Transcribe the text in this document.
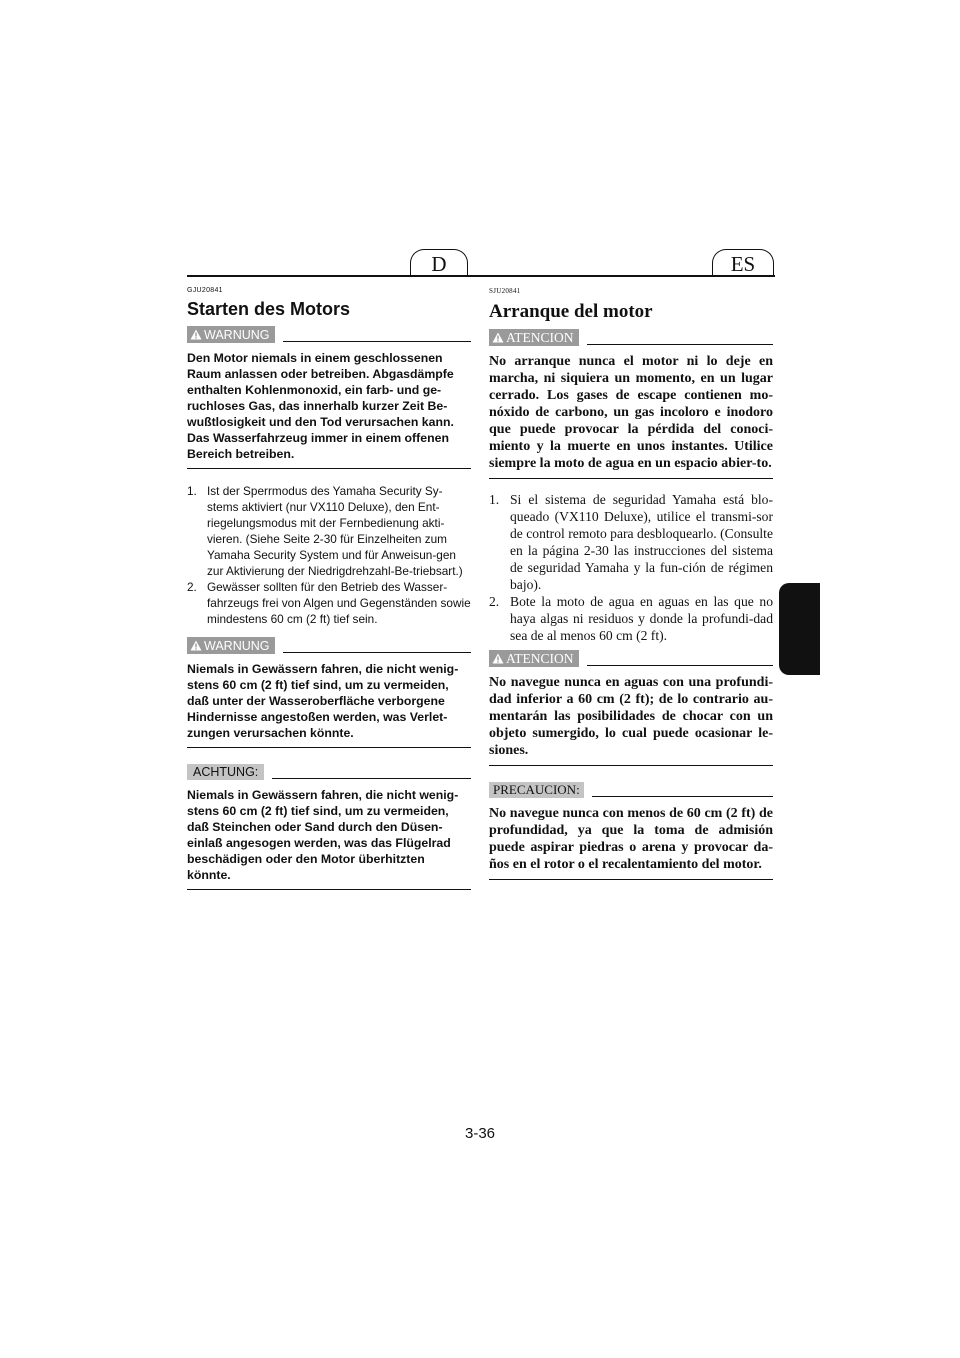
D	ES
GJU20841
Starten des Motors
WARNUNG

Den Motor niemals in einem geschlossenen Raum anlassen oder betreiben. Abgasdämpfe enthalten Kohlenmonoxid, ein farb- und ge-ruchloses Gas, das innerhalb kurzer Zeit Be-wußtlosigkeit und den Tod verursachen kann. Das Wasserfahrzeug immer in einem offenen Bereich betreiben.

1. Ist der Sperrmodus des Yamaha Security Sy-stems aktiviert (nur VX110 Deluxe), den Ent-riegelungsmodus mit der Fernbedienung akti-vieren. (Siehe Seite 2-30 für Einzelheiten zum Yamaha Security System und für Anweisun-gen zur Aktivierung der Niedrigdrehzahl-Be-triebsart.)
2. Gewässer sollten für den Betrieb des Wasser-fahrzeugs frei von Algen und Gegenständen sowie mindestens 60 cm (2 ft) tief sein.
WARNUNG

Niemals in Gewässern fahren, die nicht wenig-stens 60 cm (2 ft) tief sind, um zu vermeiden, daß unter der Wasseroberfläche verborgene Hindernisse angestoßen werden, was Verlet-zungen verursachen könnte.

ACHTUNG:

Niemals in Gewässern fahren, die nicht wenig-stens 60 cm (2 ft) tief sind, um zu vermeiden, daß Steinchen oder Sand durch den Düsen-einlaß angesogen werden, was das Flügelrad beschädigen oder den Motor überhitzten könnte.

SJU20841
Arranque del motor
ATENCION

No arranque nunca el motor ni lo deje en marcha, ni siquiera un momento, en un lugar cerrado. Los gases de escape contienen mo-nóxido de carbono, un gas incoloro e inodoro que puede provocar la pérdida del conoci-miento y la muerte en unos instantes. Utilice siempre la moto de agua en un espacio abier-to.

1. Si el sistema de seguridad Yamaha está blo-queado (VX110 Deluxe), utilice el transmi-sor de control remoto para desbloquearlo. (Consulte en la página 2-30 las instrucciones del sistema de seguridad Yamaha y la fun-ción de régimen bajo).
2. Bote la moto de agua en aguas en las que no haya algas ni residuos y donde la profundi-dad sea de al menos 60 cm (2 ft).
ATENCION

No navegue nunca en aguas con una profundi-dad inferior a 60 cm (2 ft); de lo contrario au-mentarán las posibilidades de chocar con un objeto sumergido, lo cual puede ocasionar le-siones.

PRECAUCION:

No navegue nunca con menos de 60 cm (2 ft) de profundidad, ya que la toma de admisión puede aspirar piedras o arena y provocar da-ños en el rotor o el recalentamiento del motor.

3-36
